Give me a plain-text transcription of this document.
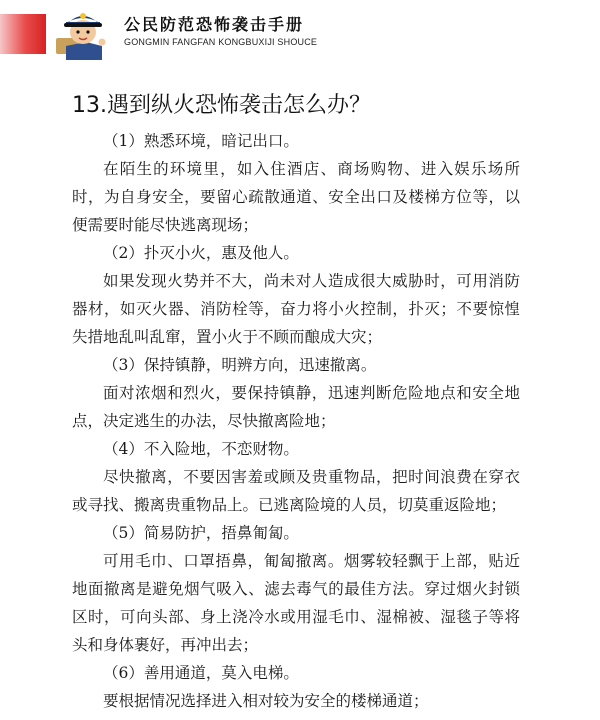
公民防范恐怖袭击手册
GONGMIN FANGFAN KONGBUXIJI SHOUCE
13.遇到纵火恐怖袭击怎么办？

（1）熟悉环境，暗记出口。

在陌生的环境里，如入住酒店、商场购物、进入娱乐场所时，为自身安全，要留心疏散通道、安全出口及楼梯方位等，以便需要时能尽快逃离现场；

（2）扑灭小火，惠及他人。

如果发现火势并不大，尚未对人造成很大威胁时，可用消防器材，如灭火器、消防栓等，奋力将小火控制，扑灭；不要惊惶失措地乱叫乱窜，置小火于不顾而酿成大灾；

（3）保持镇静，明辨方向，迅速撤离。

面对浓烟和烈火，要保持镇静，迅速判断危险地点和安全地点，决定逃生的办法，尽快撤离险地；

（4）不入险地，不恋财物。

尽快撤离，不要因害羞或顾及贵重物品，把时间浪费在穿衣或寻找、搬离贵重物品上。已逃离险境的人员，切莫重返险地；

（5）简易防护，捂鼻匍匐。

可用毛巾、口罩捂鼻，匍匐撤离。烟雾较轻飘于上部，贴近地面撤离是避免烟气吸入、滤去毒气的最佳方法。穿过烟火封锁区时，可向头部、身上浇冷水或用湿毛巾、湿棉被、湿毯子等将头和身体裹好，再冲出去；

（6）善用通道，莫入电梯。

要根据情况选择进入相对较为安全的楼梯通道；
